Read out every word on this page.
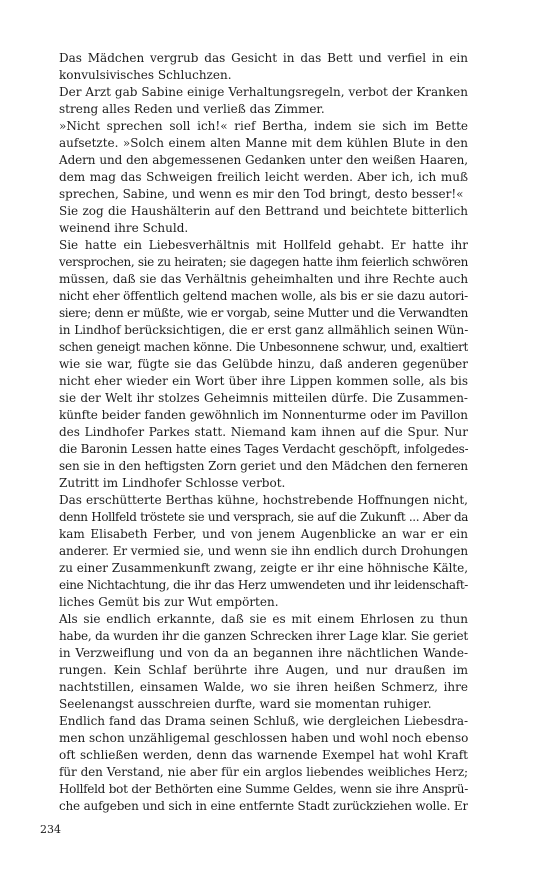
Das Mädchen vergrub das Gesicht in das Bett und verfiel in ein
konvulsivisches Schluchzen.
Der Arzt gab Sabine einige Verhaltungsregeln, verbot der Kranken
streng alles Reden und verließ das Zimmer.
»Nicht sprechen soll ich!« rief Bertha, indem sie sich im Bette
aufsetzte. »Solch einem alten Manne mit dem kühlen Blute in den
Adern und den abgemessenen Gedanken unter den weißen Haaren,
dem mag das Schweigen freilich leicht werden. Aber ich, ich muß
sprechen, Sabine, und wenn es mir den Tod bringt, desto besser!«
Sie zog die Haushälterin auf den Bettrand und beichtete bitterlich
weinend ihre Schuld.
Sie hatte ein Liebesverhältnis mit Hollfeld gehabt. Er hatte ihr
versprochen, sie zu heiraten; sie dagegen hatte ihm feierlich schwören
müssen, daß sie das Verhältnis geheimhalten und ihre Rechte auch
nicht eher öffentlich geltend machen wolle, als bis er sie dazu autori-
siere; denn er müßte, wie er vorgab, seine Mutter und die Verwandten
in Lindhof berücksichtigen, die er erst ganz allmählich seinen Wün-
schen geneigt machen könne. Die Unbesonnene schwur, und, exaltiert
wie sie war, fügte sie das Gelübde hinzu, daß anderen gegenüber
nicht eher wieder ein Wort über ihre Lippen kommen solle, als bis
sie der Welt ihr stolzes Geheimnis mitteilen dürfe. Die Zusammen-
künfte beider fanden gewöhnlich im Nonnenturme oder im Pavillon
des Lindhofer Parkes statt. Niemand kam ihnen auf die Spur. Nur
die Baronin Lessen hatte eines Tages Verdacht geschöpft, infolgedes-
sen sie in den heftigsten Zorn geriet und den Mädchen den ferneren
Zutritt im Lindhofer Schlosse verbot.
Das erschütterte Berthas kühne, hochstrebende Hoffnungen nicht,
denn Hollfeld tröstete sie und versprach, sie auf die Zukunft ... Aber da
kam Elisabeth Ferber, und von jenem Augenblicke an war er ein
anderer. Er vermied sie, und wenn sie ihn endlich durch Drohungen
zu einer Zusammenkunft zwang, zeigte er ihr eine höhnische Kälte,
eine Nichtachtung, die ihr das Herz umwendeten und ihr leidenschaft-
liches Gemüt bis zur Wut empörten.
Als sie endlich erkannte, daß sie es mit einem Ehrlosen zu thun
habe, da wurden ihr die ganzen Schrecken ihrer Lage klar. Sie geriet
in Verzweiflung und von da an begannen ihre nächtlichen Wande-
rungen. Kein Schlaf berührte ihre Augen, und nur draußen im
nachtstillen, einsamen Walde, wo sie ihren heißen Schmerz, ihre
Seelenangst ausschreien durfte, ward sie momentan ruhiger.
Endlich fand das Drama seinen Schluß, wie dergleichen Liebesdra-
men schon unzähligemal geschlossen haben und wohl noch ebenso
oft schließen werden, denn das warnende Exempel hat wohl Kraft
für den Verstand, nie aber für ein arglos liebendes weibliches Herz;
Hollfeld bot der Bethörten eine Summe Geldes, wenn sie ihre Ansprü-
che aufgeben und sich in eine entfernte Stadt zurückziehen wolle. Er
234
